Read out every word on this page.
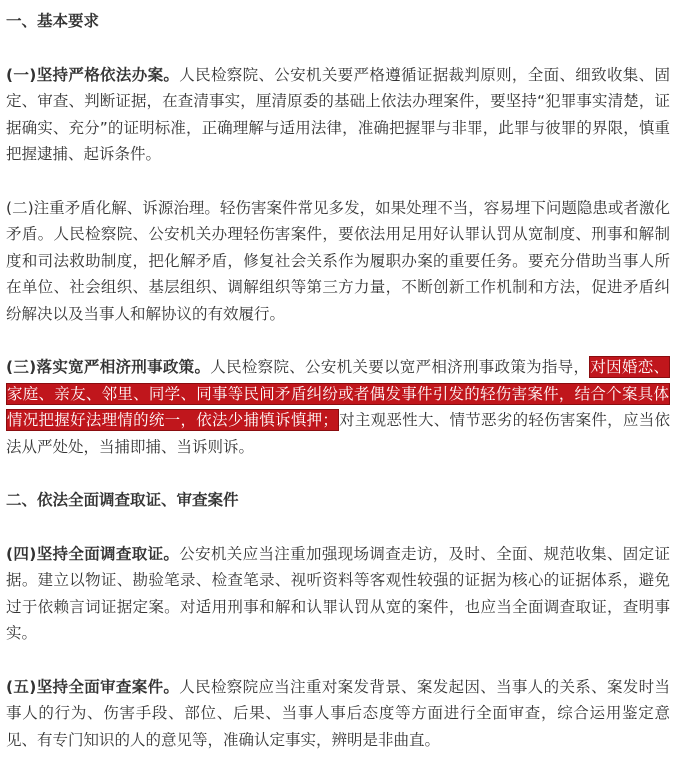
一、基本要求

(一)坚持严格依法办案。人民检察院、公安机关要严格遵循证据裁判原则，全面、细致收集、固定、审查、判断证据，在查清事实，厘清原委的基础上依法办理案件，要坚持“犯罪事实清楚，证据确实、充分”的证明标准，正确理解与适用法律，准确把握罪与非罪，此罪与彼罪的界限，慎重把握逮捕、起诉条件。

(二)注重矛盾化解、诉源治理。轻伤害案件常见多发，如果处理不当，容易埋下问题隐患或者激化矛盾。人民检察院、公安机关办理轻伤害案件，要依法用足用好认罪认罚从宽制度、刑事和解制度和司法救助制度，把化解矛盾，修复社会关系作为履职办案的重要任务。要充分借助当事人所在单位、社会组织、基层组织、调解组织等第三方力量，不断创新工作机制和方法，促进矛盾纠纷解决以及当事人和解协议的有效履行。

(三)落实宽严相济刑事政策。人民检察院、公安机关要以宽严相济刑事政策为指导，对因婚恋、家庭、亲友、邻里、同学、同事等民间矛盾纠纷或者偶发事件引发的轻伤害案件，结合个案具体情况把握好法理情的统一，依法少捕慎诉慎押；对主观恶性大、情节恶劣的轻伤害案件，应当依法从严处处，当捕即捕、当诉则诉。

二、依法全面调查取证、审查案件

(四)坚持全面调查取证。公安机关应当注重加强现场调查走访，及时、全面、规范收集、固定证据。建立以物证、勘验笔录、检查笔录、视听资料等客观性较强的证据为核心的证据体系，避免过于依赖言词证据定案。对适用刑事和解和认罪认罚从宽的案件，也应当全面调查取证，查明事实。

(五)坚持全面审查案件。人民检察院应当注重对案发背景、案发起因、当事人的关系、案发时当事人的行为、伤害手段、部位、后果、当事人事后态度等方面进行全面审查，综合运用鉴定意见、有专门知识的人的意见等，准确认定事实，辨明是非曲直。
